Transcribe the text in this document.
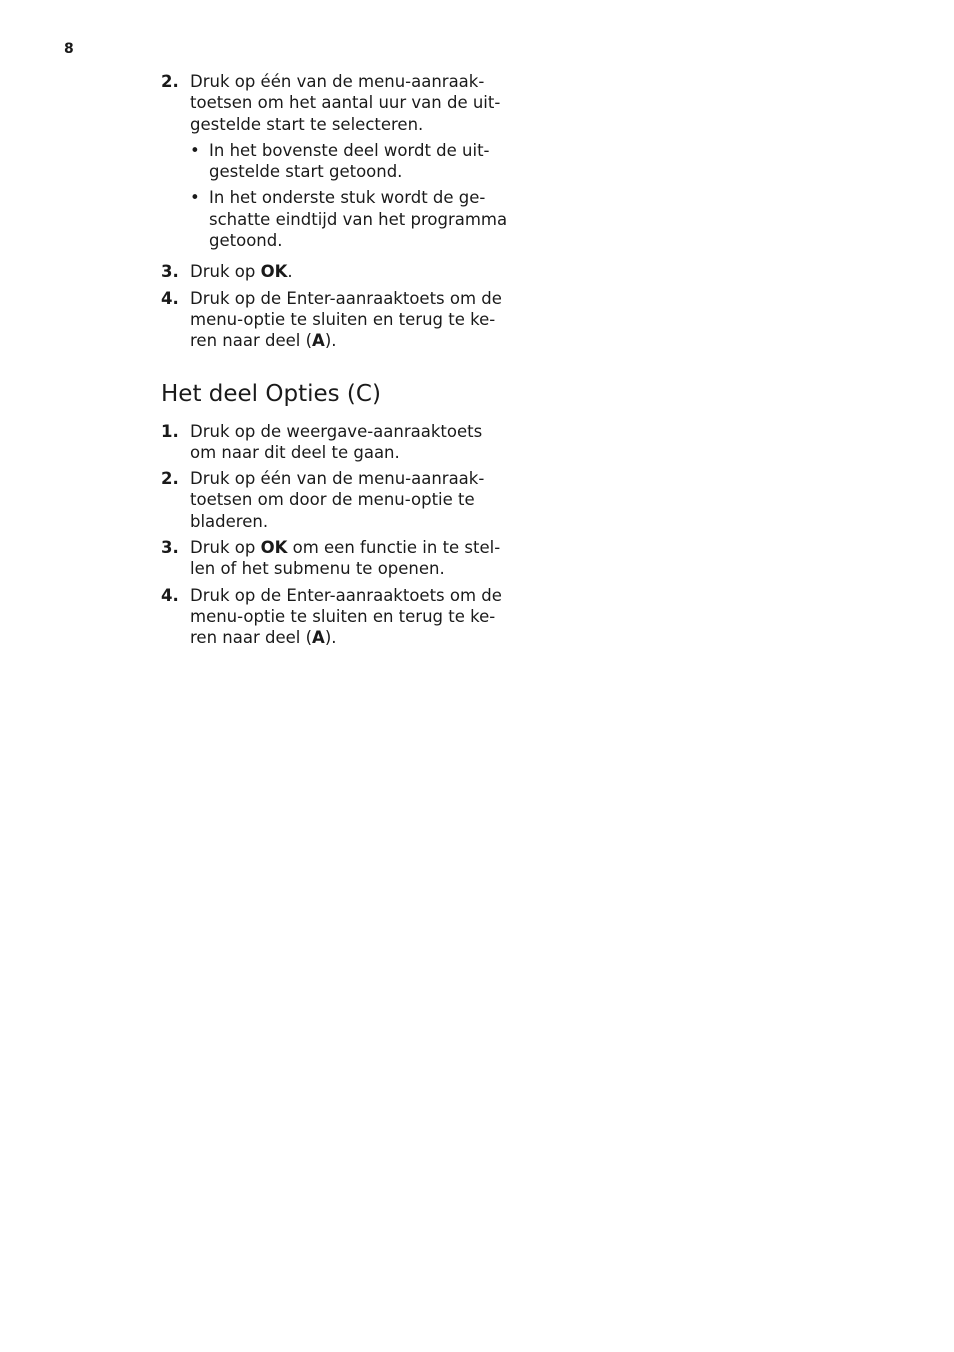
8
2. Druk op één van de menu-aanraak-
toetsen om het aantal uur van de uit-
gestelde start te selecteren.
• In het bovenste deel wordt de uit-
gestelde start getoond.
• In het onderste stuk wordt de ge-
schatte eindtijd van het programma
getoond.
3. Druk op OK.
4. Druk op de Enter-aanraaktoets om de
menu-optie te sluiten en terug te ke-
ren naar deel (A).
Het deel Opties (C)
1. Druk op de weergave-aanraaktoets
om naar dit deel te gaan.
2. Druk op één van de menu-aanraak-
toetsen om door de menu-optie te
bladeren.
3. Druk op OK om een functie in te stel-
len of het submenu te openen.
4. Druk op de Enter-aanraaktoets om de
menu-optie te sluiten en terug te ke-
ren naar deel (A).
